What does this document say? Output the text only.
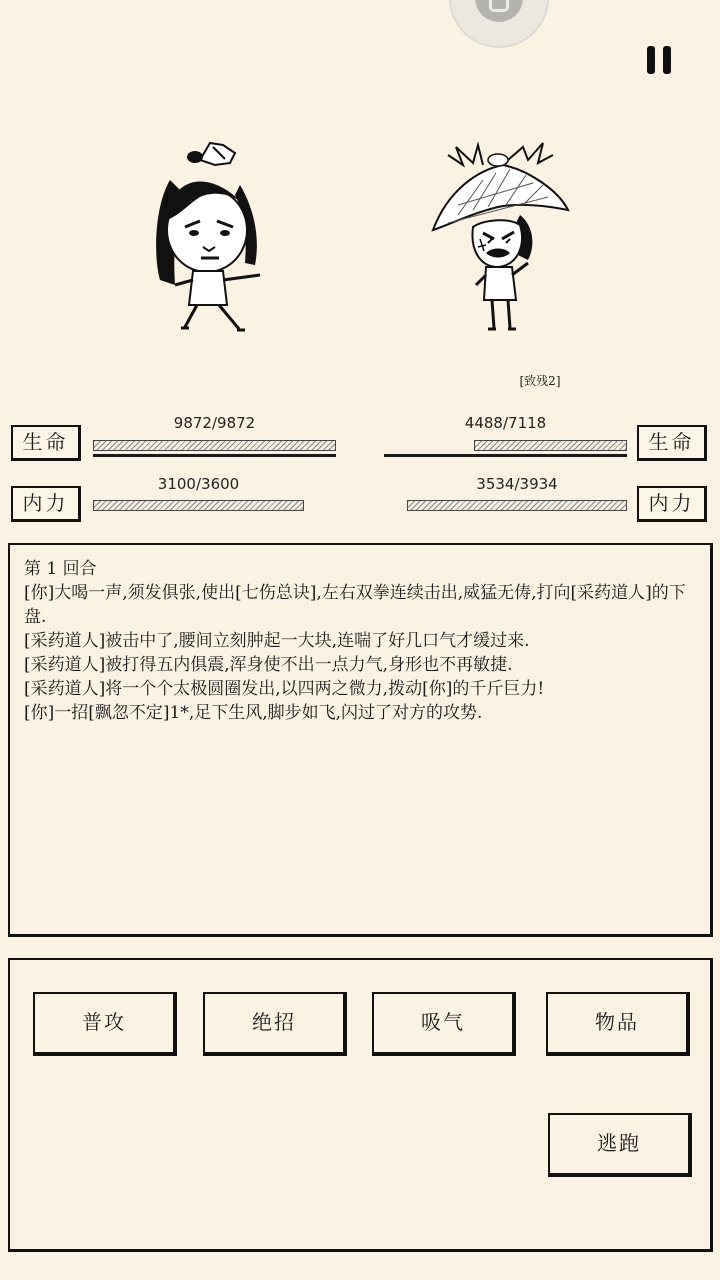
[致残2]
生命
9872/9872
内力
3100/3600
生命
4488/7118
内力
3534/3934

第 1 回合

[你]大喝一声,须发俱张,使出[七伤总诀],左右双拳连续击出,威猛无俦,打向[采药道人]的下盘.

[采药道人]被击中了,腰间立刻肿起一大块,连喘了好几口气才缓过来.

[采药道人]被打得五内俱震,浑身使不出一点力气,身形也不再敏捷.

[采药道人]将一个个太极圆圈发出,以四两之微力,拨动[你]的千斤巨力!

[你]一招[飘忽不定]1*,足下生风,脚步如飞,闪过了对方的攻势.

普攻	绝招	吸气	物品
逃跑
